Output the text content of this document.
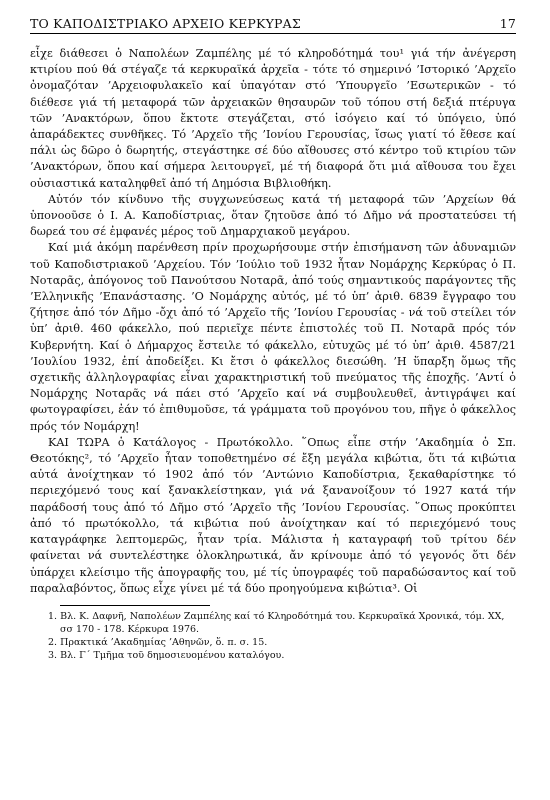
ΤΟ ΚΑΠΟΔΙΣΤΡΙΑΚΟ ΑΡΧΕΙΟ ΚΕΡΚΥΡΑΣ	17

εἶχε διάθεσει ὁ Ναπολέων Ζαμπέλης μέ τό κληροδότημά του¹ γιά τήν ἀνέγερση κτιρίου πού θά στέγαζε τά κερκυραϊκά ἀρχεῖα - τότε τό σημερινό ’Ιστορικό ’Αρχεῖο ὀνομαζόταν ’Αρχειοφυλακεῖο καί ὑπαγόταν στό ’Υπουργεῖο ’Εσωτερικῶν - τό διέθεσε γιά τή μεταφορά τῶν ἀρχειακῶν θησαυρῶν τοῦ τόπου στή δεξιά πτέρυγα τῶν ’Ανακτόρων, ὅπου ἔκτοτε στεγάζεται, στό ἰσόγειο καί τό ὑπόγειο, ὑπό ἀπαράδεκτες συνθῆκες. Τό ’Αρχεῖο τῆς ’Ιονίου Γερουσίας, ἴσως γιατί τό ἔθεσε καί πάλι ὡς δῶρο ὁ δωρητής, στεγάστηκε σέ δύο αἴθουσες στό κέντρο τοῦ κτιρίου τῶν ’Ανακτόρων, ὅπου καί σήμερα λειτουργεῖ, μέ τή διαφορά ὅτι μιά αἴθουσα του ἔχει οὐσιαστικά καταληφθεῖ ἀπό τή Δημόσια Βιβλιοθήκη.

Αὐτόν τόν κίνδυνο τῆς συγχωνεύσεως κατά τή μεταφορά τῶν ’Αρχείων θά ὑπονοοῦσε ὁ Ι. Α. Καποδίστριας, ὅταν ζητοῦσε ἀπό τό Δῆμο νά προστατεύσει τή δωρεά του σέ ἐμφανές μέρος τοῦ Δημαρχιακοῦ μεγάρου.

Καί μιά ἀκόμη παρένθεση πρίν προχωρήσουμε στήν ἐπισήμανση τῶν ἀδυναμιῶν τοῦ Καποδιστριακοῦ ’Αρχείου. Τόν ’Ιούλιο τοῦ 1932 ἦταν Νομάρχης Κερκύρας ὁ Π. Νοταρᾶς, ἀπόγονος τοῦ Πανούτσου Νοταρᾶ, ἀπό τούς σημαντικούς παράγοντες τῆς ’Ελληνικῆς ’Επανάστασης. ’Ο Νομάρχης αὐτός, μέ τό ὑπ’ ἀριθ. 6839 ἔγγραφο του ζήτησε ἀπό τόν Δῆμο -ὄχι ἀπό τό ’Αρχεῖο τῆς ’Ιονίου Γερουσίας - νά τοῦ στείλει τόν ὑπ’ ἀριθ. 460 φάκελλο, πού περιεῖχε πέντε ἐπιστολές τοῦ Π. Νοταρᾶ πρός τόν Κυβερνήτη. Καί ὁ Δήμαρχος ἔστειλε τό φάκελλο, εὐτυχῶς μέ τό ὑπ’ ἀριθ. 4587/21 ’Ιουλίου 1932, ἐπί ἀποδείξει. Κι ἔτσι ὁ φάκελλος διεσώθη. ’Η ὕπαρξη ὅμως τῆς σχετικῆς ἀλληλογραφίας εἶναι χαρακτηριστική τοῦ πνεύματος τῆς ἐποχῆς. ’Αντί ὁ Νομάρχης Νοταρᾶς νά πάει στό ’Αρχεῖο καί νά συμβουλευθεῖ, ἀντιγράψει καί φωτογραφίσει, ἐάν τό ἐπιθυμοῦσε, τά γράμματα τοῦ προγόνου του, πῆγε ὁ φάκελλος πρός τόν Νομάρχη!

ΚΑΙ ΤΩΡΑ ὁ Κατάλογος - Πρωτόκολλο. ῞Οπως εἶπε στήν ’Ακαδημία ὁ Σπ. Θεοτόκης², τό ’Αρχεῖο ἦταν τοποθετημένο σέ ἔξη μεγάλα κιβώτια, ὅτι τά κιβώτια αὐτά ἀνοίχτηκαν τό 1902 ἀπό τόν ’Αντώνιο Καποδίστρια, ξεκαθαρίστηκε τό περιεχόμενό τους καί ξανακλείστηκαν, γιά νά ξανανοίξουν τό 1927 κατά τήν παράδοσή τους ἀπό τό Δῆμο στό ’Αρχεῖο τῆς ’Ιονίου Γερουσίας. ῞Οπως προκύπτει ἀπό τό πρωτόκολλο, τά κιβώτια πού ἀνοίχτηκαν καί τό περιεχόμενό τους καταγράφηκε λεπτομερῶς, ἦταν τρία. Μάλιστα ἡ καταγραφή τοῦ τρίτου δέν φαίνεται νά συντελέστηκε ὁλοκληρωτικά, ἄν κρίνουμε ἀπό τό γεγονός ὅτι δέν ὑπάρχει κλείσιμο τῆς ἀπογραφῆς του, μέ τίς ὑπογραφές τοῦ παραδώσαντος καί τοῦ παραλαβόντος, ὅπως εἶχε γίνει μέ τά δύο προηγούμενα κιβώτια³. Οἱ

1. Βλ. Κ. Δαφνῆ, Ναπολέων Ζαμπέλης καί τό Κληροδότημά του. Κερκυραϊκά Χρονικά, τόμ. ΧΧ, σσ 170 - 178. Κέρκυρα 1976.
2. Πρακτικά ’Ακαδημίας ’Αθηνῶν, ὅ. π. σ. 15.
3. Βλ. Γ΄ Τμῆμα τοῦ δημοσιευομένου καταλόγου.
